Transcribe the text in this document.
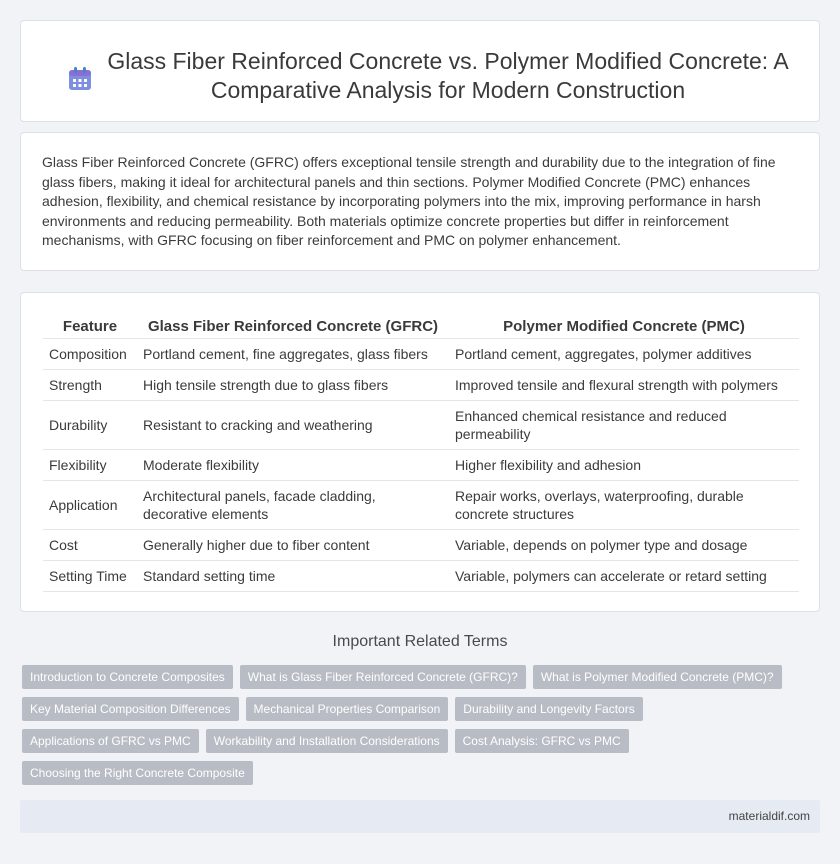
Glass Fiber Reinforced Concrete vs. Polymer Modified Concrete: A Comparative Analysis for Modern Construction

Glass Fiber Reinforced Concrete (GFRC) offers exceptional tensile strength and durability due to the integration of fine glass fibers, making it ideal for architectural panels and thin sections. Polymer Modified Concrete (PMC) enhances adhesion, flexibility, and chemical resistance by incorporating polymers into the mix, improving performance in harsh environments and reducing permeability. Both materials optimize concrete properties but differ in reinforcement mechanisms, with GFRC focusing on fiber reinforcement and PMC on polymer enhancement.

Feature	Glass Fiber Reinforced Concrete (GFRC)	Polymer Modified Concrete (PMC)
Composition	Portland cement, fine aggregates, glass fibers	Portland cement, aggregates, polymer additives
Strength	High tensile strength due to glass fibers	Improved tensile and flexural strength with polymers
Durability	Resistant to cracking and weathering	Enhanced chemical resistance and reduced permeability
Flexibility	Moderate flexibility	Higher flexibility and adhesion
Application	Architectural panels, facade cladding, decorative elements	Repair works, overlays, waterproofing, durable concrete structures
Cost	Generally higher due to fiber content	Variable, depends on polymer type and dosage
Setting Time	Standard setting time	Variable, polymers can accelerate or retard setting
Important Related Terms
Introduction to Concrete Composites	What is Glass Fiber Reinforced Concrete (GFRC)?	What is Polymer Modified Concrete (PMC)?
Key Material Composition Differences	Mechanical Properties Comparison	Durability and Longevity Factors
Applications of GFRC vs PMC	Workability and Installation Considerations	Cost Analysis: GFRC vs PMC
Choosing the Right Concrete Composite
materialdif.com
